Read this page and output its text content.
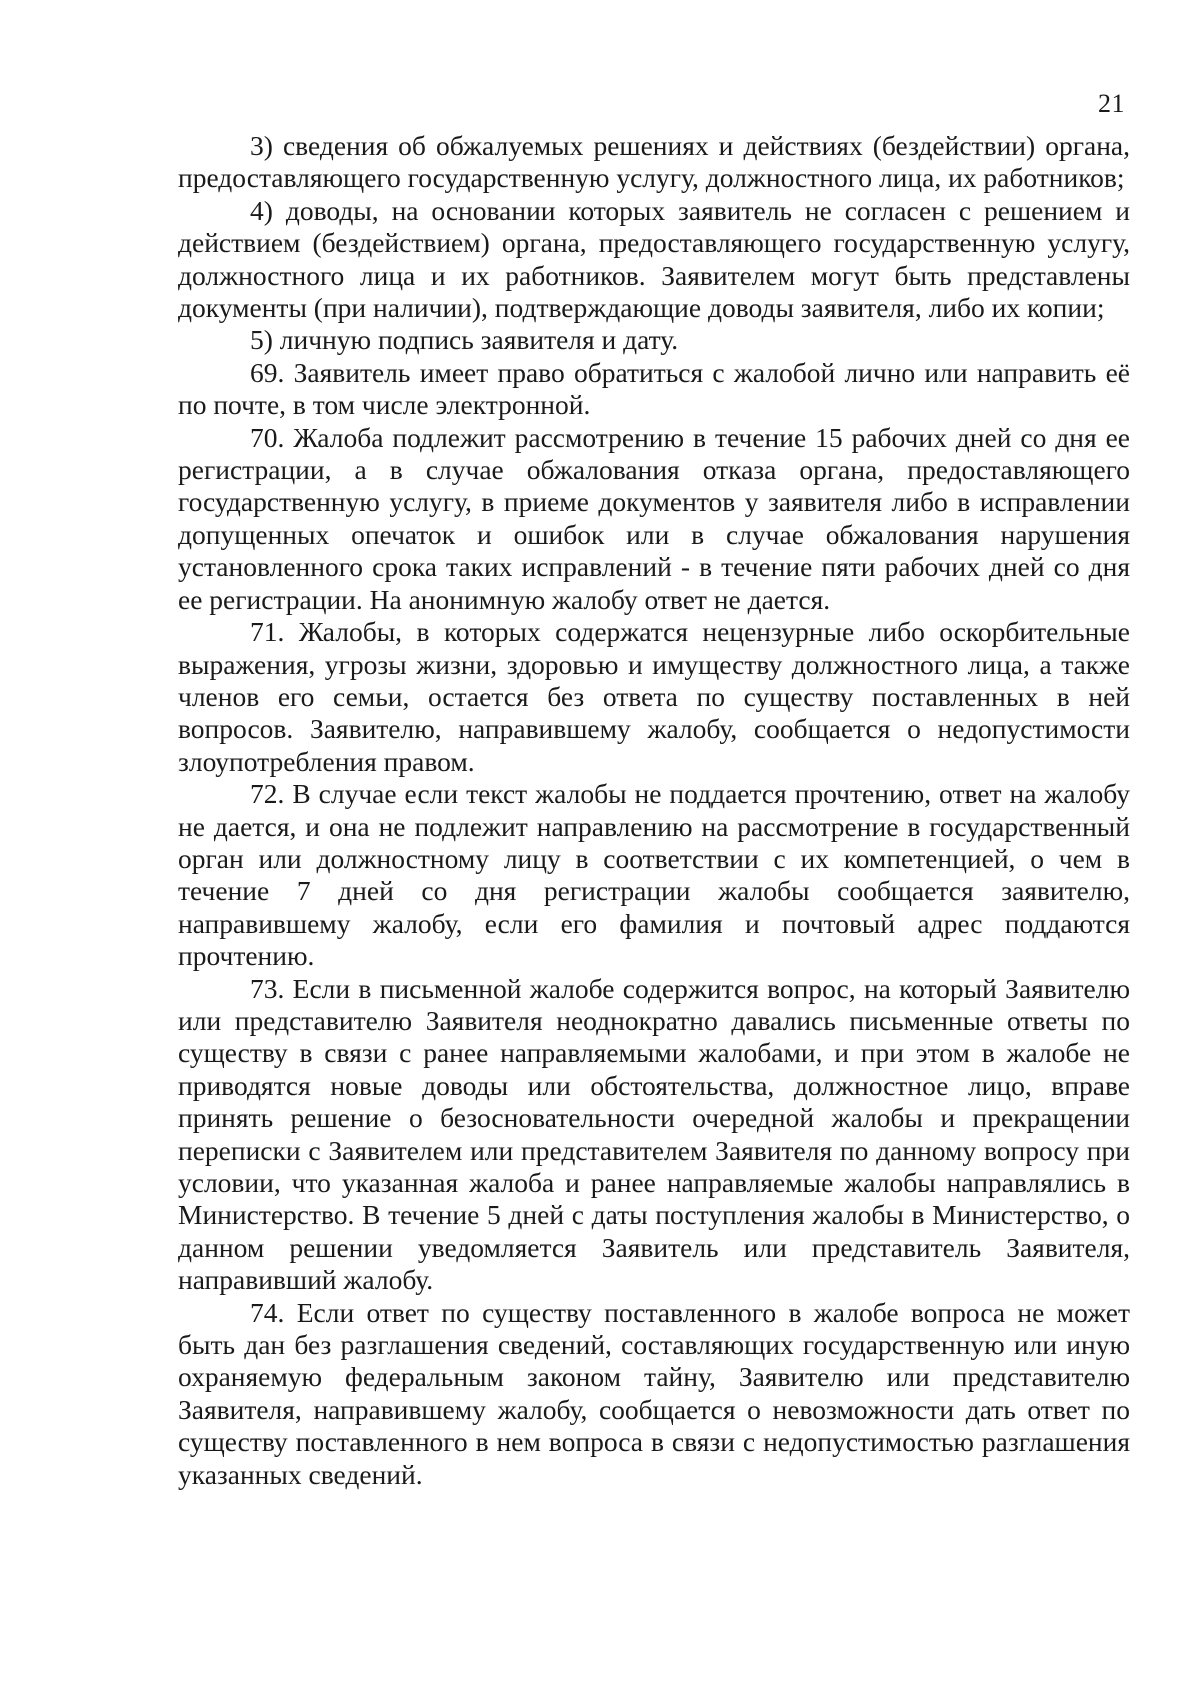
21

3) сведения об обжалуемых решениях и действиях (бездействии) органа, предоставляющего государственную услугу, должностного лица, их работников;

4) доводы, на основании которых заявитель не согласен с решением и действием (бездействием) органа, предоставляющего государственную услугу, должностного лица и их работников. Заявителем могут быть представлены документы (при наличии), подтверждающие доводы заявителя, либо их копии;

5) личную подпись заявителя и дату.

69. Заявитель имеет право обратиться с жалобой лично или направить её по почте, в том числе электронной.

70. Жалоба подлежит рассмотрению в течение 15 рабочих дней со дня ее регистрации, а в случае обжалования отказа органа, предоставляющего государственную услугу, в приеме документов у заявителя либо в исправлении допущенных опечаток и ошибок или в случае обжалования нарушения установленного срока таких исправлений - в течение пяти рабочих дней со дня ее регистрации. На анонимную жалобу ответ не дается.

71. Жалобы, в которых содержатся нецензурные либо оскорбительные выражения, угрозы жизни, здоровью и имуществу должностного лица, а также членов его семьи, остается без ответа по существу поставленных в ней вопросов. Заявителю, направившему жалобу, сообщается о недопустимости злоупотребления правом.

72. В случае если текст жалобы не поддается прочтению, ответ на жалобу не дается, и она не подлежит направлению на рассмотрение в государственный орган или должностному лицу в соответствии с их компетенцией, о чем в течение 7 дней со дня регистрации жалобы сообщается заявителю, направившему жалобу, если его фамилия и почтовый адрес поддаются прочтению.

73. Если в письменной жалобе содержится вопрос, на который Заявителю или представителю Заявителя неоднократно давались письменные ответы по существу в связи с ранее направляемыми жалобами, и при этом в жалобе не приводятся новые доводы или обстоятельства, должностное лицо, вправе принять решение о безосновательности очередной жалобы и прекращении переписки с Заявителем или представителем Заявителя по данному вопросу при условии, что указанная жалоба и ранее направляемые жалобы направлялись в Министерство. В течение 5 дней с даты поступления жалобы в Министерство, о данном решении уведомляется Заявитель или представитель Заявителя, направивший жалобу.

74. Если ответ по существу поставленного в жалобе вопроса не может быть дан без разглашения сведений, составляющих государственную или иную охраняемую федеральным законом тайну, Заявителю или представителю Заявителя, направившему жалобу, сообщается о невозможности дать ответ по существу поставленного в нем вопроса в связи с недопустимостью разглашения указанных сведений.
